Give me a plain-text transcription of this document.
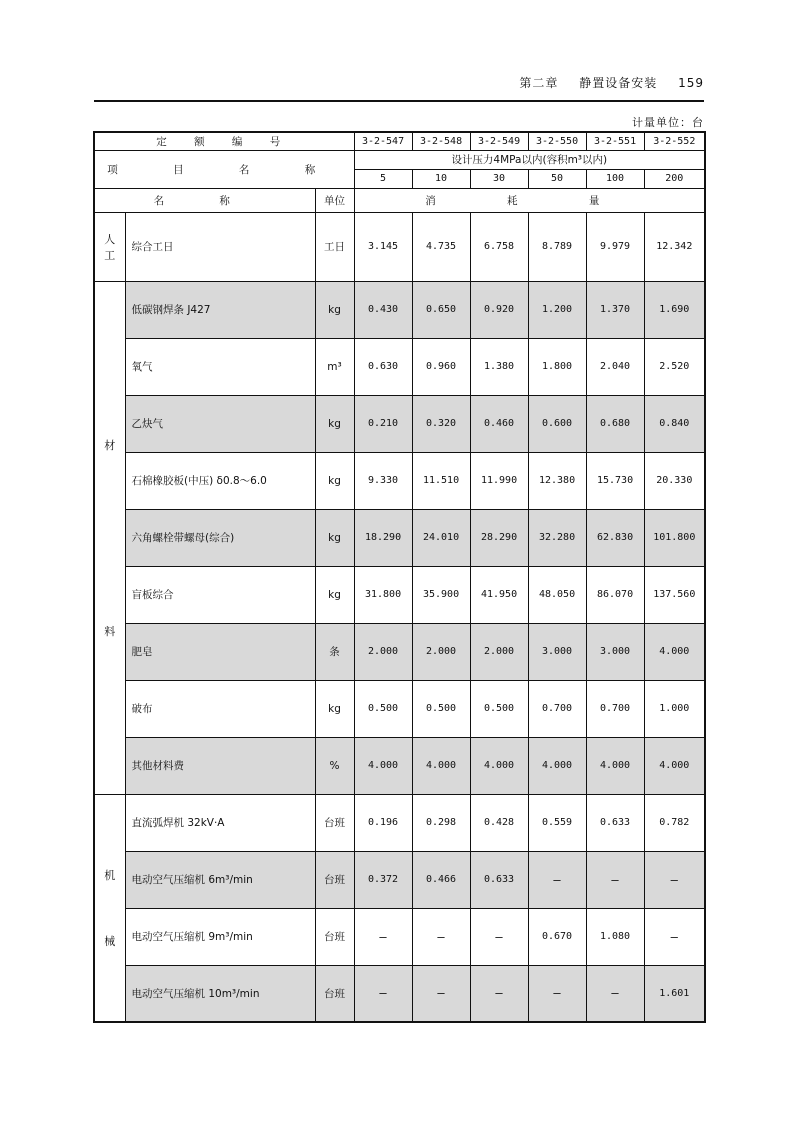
第二章 静置设备安装 159
计量单位：台
定 额 编 号			3-2-547	3-2-548	3-2-549	3-2-550	3-2-551	3-2-552
项 目 名 称			设计压力4MPa以内(容积m³以内)					
			5	10	30	50	100	200
名 称		单位	消 耗 量					

人
工	综合工日	工日	3.145	4.735	6.758	8.789	9.979	12.342

材
料	低碳钢焊条 J427	kg	0.430	0.650	0.920	1.200	1.370	1.690
	氧气	m³	0.630	0.960	1.380	1.800	2.040	2.520
	乙炔气	kg	0.210	0.320	0.460	0.600	0.680	0.840
	石棉橡胶板(中压) δ0.8～6.0	kg	9.330	11.510	11.990	12.380	15.730	20.330
	六角螺栓带螺母(综合)	kg	18.290	24.010	28.290	32.280	62.830	101.800
	盲板综合	kg	31.800	35.900	41.950	48.050	86.070	137.560
	肥皂	条	2.000	2.000	2.000	3.000	3.000	4.000
	破布	kg	0.500	0.500	0.500	0.700	0.700	1.000
	其他材料费	%	4.000	4.000	4.000	4.000	4.000	4.000

机
械	直流弧焊机 32kV·A	台班	0.196	0.298	0.428	0.559	0.633	0.782
	电动空气压缩机 6m³/min	台班	0.372	0.466	0.633	—	—	—
	电动空气压缩机 9m³/min	台班	—	—	—	0.670	1.080	—
	电动空气压缩机 10m³/min	台班	—	—	—	—	—	1.601
